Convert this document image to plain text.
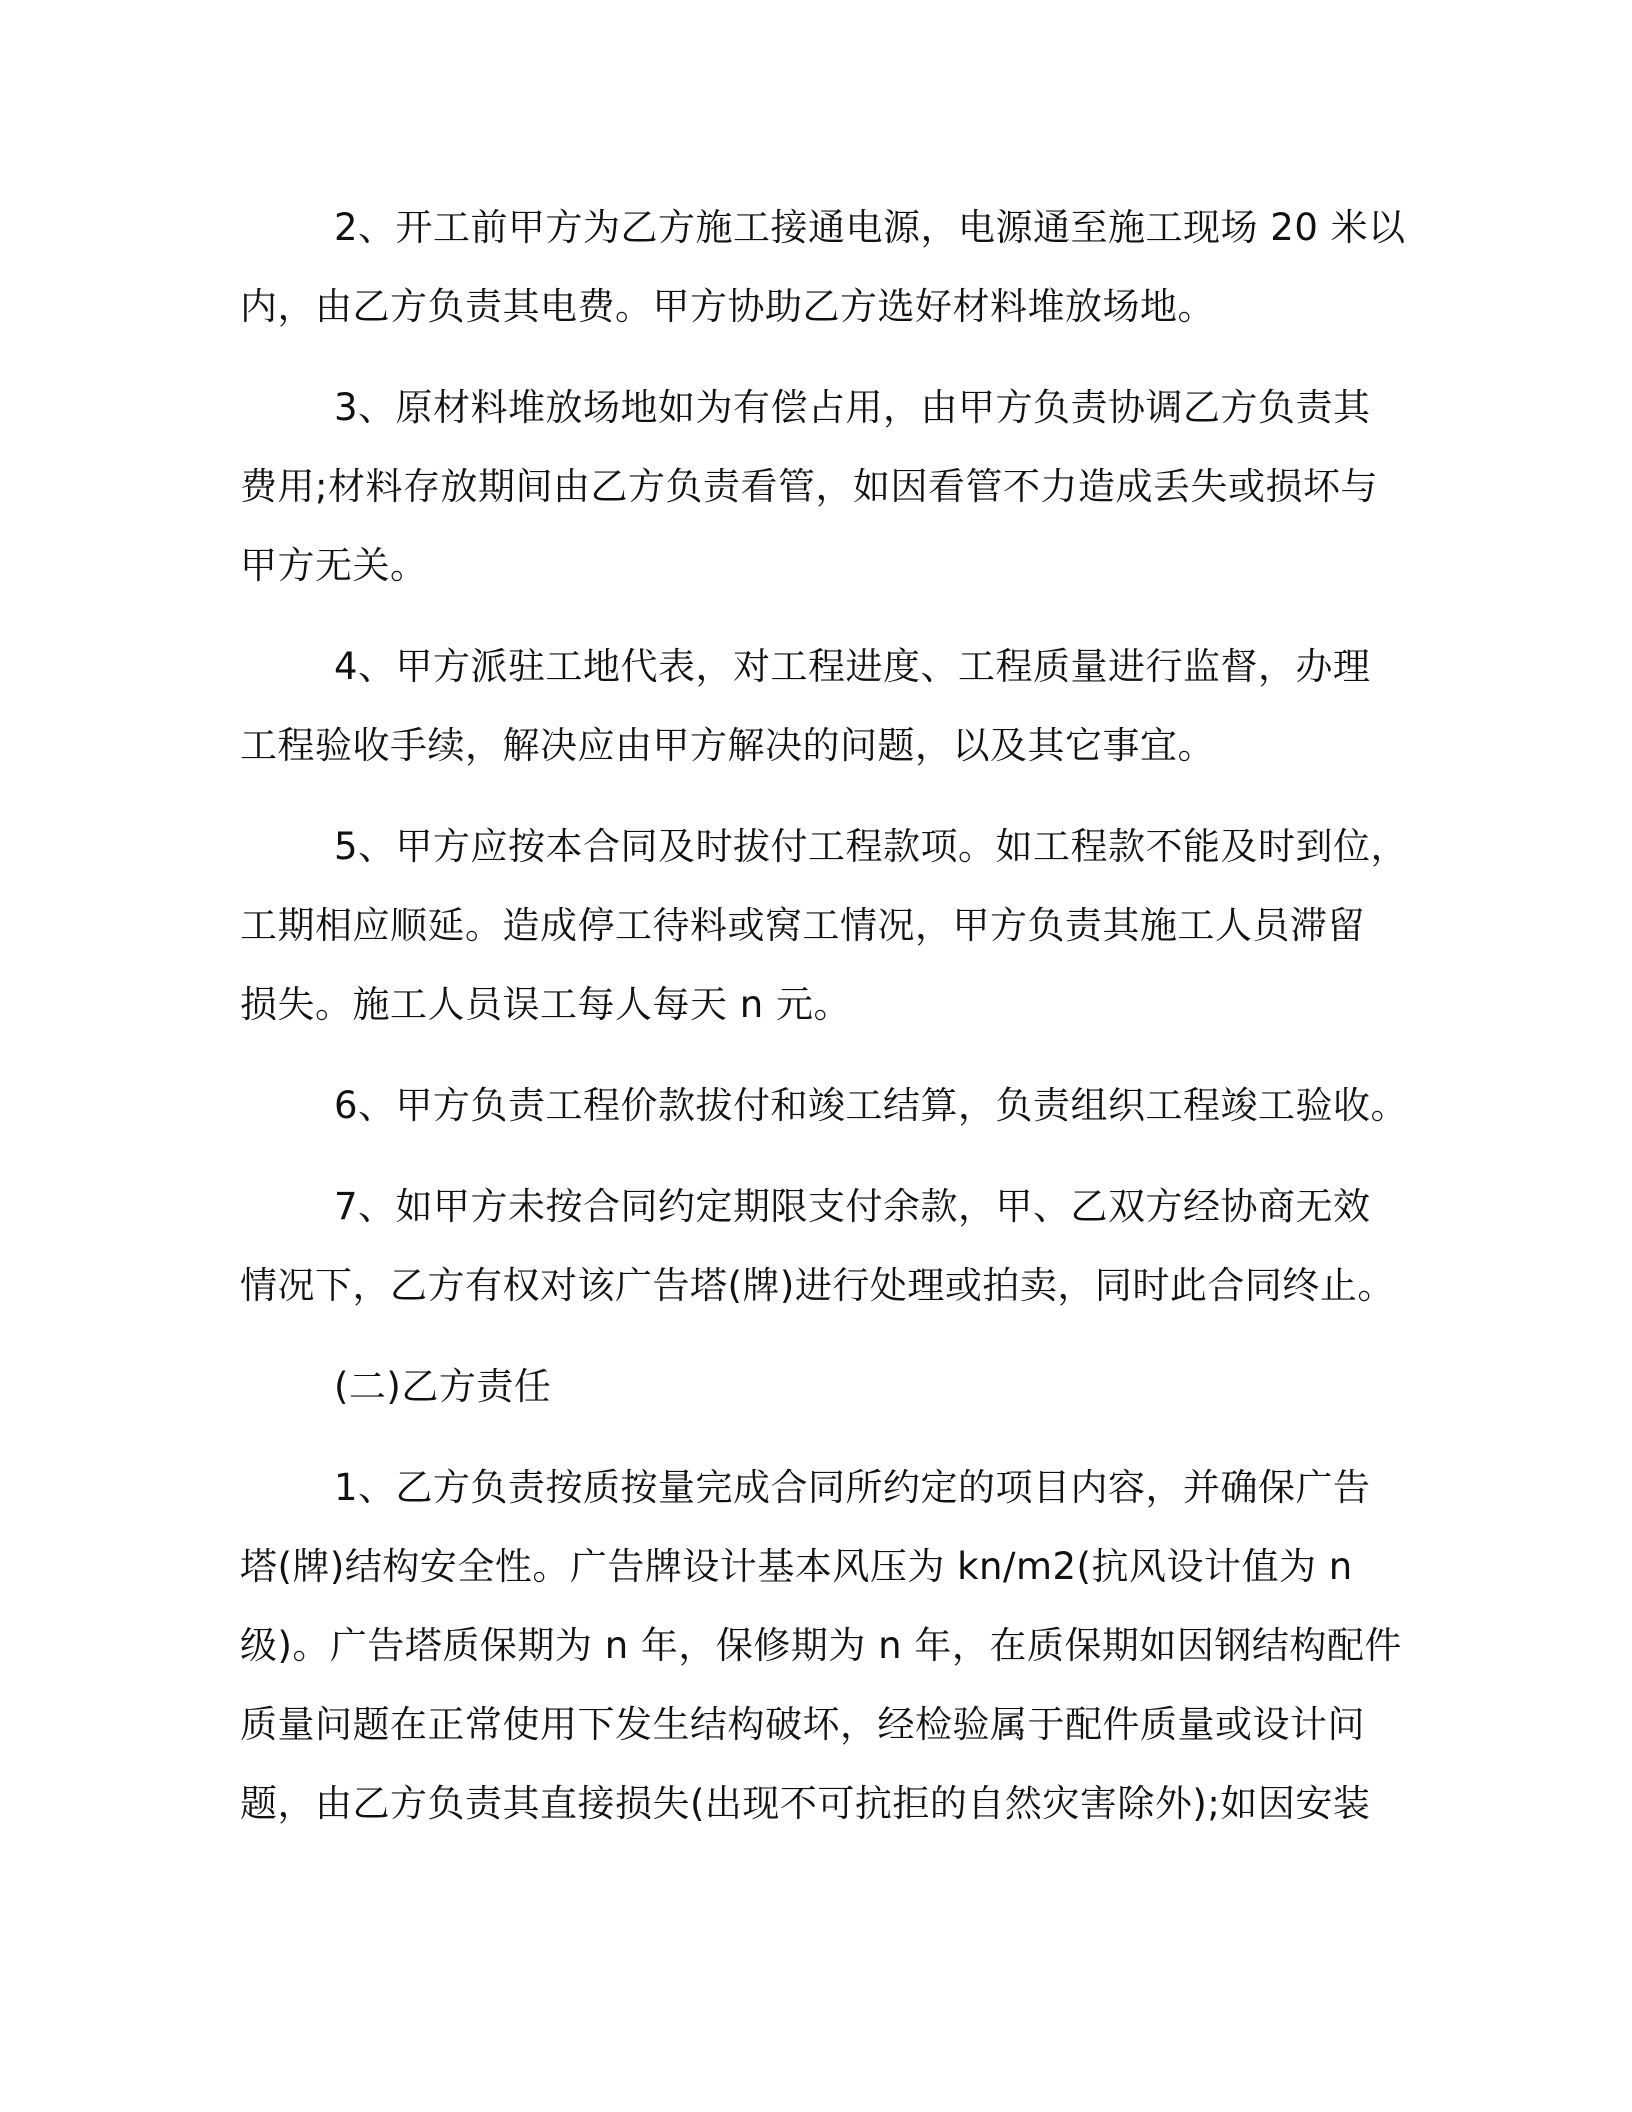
2、开工前甲方为乙方施工接通电源，电源通至施工现场 20 米以
内，由乙方负责其电费。甲方协助乙方选好材料堆放场地。
3、原材料堆放场地如为有偿占用，由甲方负责协调乙方负责其
费用;材料存放期间由乙方负责看管，如因看管不力造成丢失或损坏与
甲方无关。
4、甲方派驻工地代表，对工程进度、工程质量进行监督，办理
工程验收手续，解决应由甲方解决的问题，以及其它事宜。
5、甲方应按本合同及时拔付工程款项。如工程款不能及时到位，
工期相应顺延。造成停工待料或窝工情况，甲方负责其施工人员滞留
损失。施工人员误工每人每天 n 元。
6、甲方负责工程价款拔付和竣工结算，负责组织工程竣工验收。
7、如甲方未按合同约定期限支付余款，甲、乙双方经协商无效
情况下，乙方有权对该广告塔(牌)进行处理或拍卖，同时此合同终止。
(二)乙方责任
1、乙方负责按质按量完成合同所约定的项目内容，并确保广告
塔(牌)结构安全性。广告牌设计基本风压为 kn/m2(抗风设计值为 n
级)。广告塔质保期为 n 年，保修期为 n 年，在质保期如因钢结构配件
质量问题在正常使用下发生结构破坏，经检验属于配件质量或设计问
题，由乙方负责其直接损失(出现不可抗拒的自然灾害除外);如因安装
